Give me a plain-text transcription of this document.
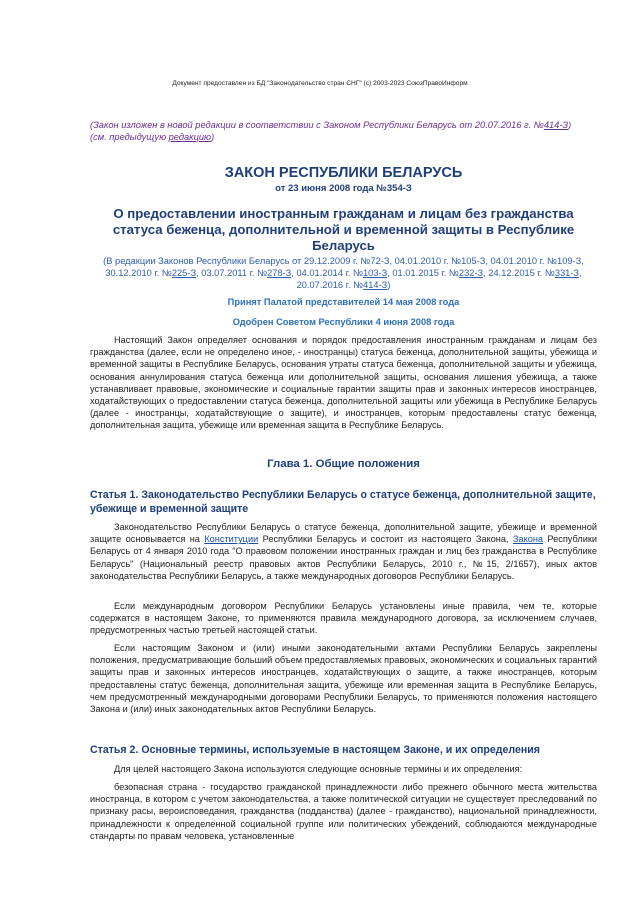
Документ предоставлен из БД "Законодательство стран СНГ" (с) 2003-2023 СоюзПравоИнформ
(Закон изложен в новой редакции в соответствии с Законом Республики Беларусь от 20.07.2016 г. №414-З)
(см. предыдущую редакцию)
ЗАКОН РЕСПУБЛИКИ БЕЛАРУСЬ
от 23 июня 2008 года №354-З
О предоставлении иностранным гражданам и лицам без гражданства статуса беженца, дополнительной и временной защиты в Республике Беларусь
(В редакции Законов Республики Беларусь от 29.12.2009 г. №72-З, 04.01.2010 г. №105-З, 04.01.2010 г. №109-З, 30.12.2010 г. №225-З, 03.07.2011 г. №278-З, 04.01.2014 г. №103-З, 01.01.2015 г. №232-З, 24.12.2015 г. №331-З, 20.07.2016 г. №414-З)
Принят Палатой представителей 14 мая 2008 года
Одобрен Советом Республики 4 июня 2008 года

Настоящий Закон определяет основания и порядок предоставления иностранным гражданам и лицам без гражданства (далее, если не определено иное, - иностранцы) статуса беженца, дополнительной защиты, убежища и временной защиты в Республике Беларусь, основания утраты статуса беженца, дополнительной защиты и убежища, основания аннулирования статуса беженца или дополнительной защиты, основания лишения убежища, а также устанавливает правовые, экономические и социальные гарантии защиты прав и законных интересов иностранцев, ходатайствующих о предоставлении статуса беженца, дополнительной защиты или убежища в Республике Беларусь (далее - иностранцы, ходатайствующие о защите), и иностранцев, которым предоставлены статус беженца, дополнительная защита, убежище или временная защита в Республике Беларусь.

Глава 1. Общие положения

Статья 1. Законодательство Республики Беларусь о статусе беженца, дополнительной защите, убежище и временной защите

Законодательство Республики Беларусь о статусе беженца, дополнительной защите, убежище и временной защите основывается на Конституции Республики Беларусь и состоит из настоящего Закона, Закона Республики Беларусь от 4 января 2010 года "О правовом положении иностранных граждан и лиц без гражданства в Республике Беларусь" (Национальный реестр правовых актов Республики Беларусь, 2010 г., №15, 2/1657), иных актов законодательства Республики Беларусь, а также международных договоров Республики Беларусь.

Если международным договором Республики Беларусь установлены иные правила, чем те, которые содержатся в настоящем Законе, то применяются правила международного договора, за исключением случаев, предусмотренных частью третьей настоящей статьи.

Если настоящим Законом и (или) иными законодательными актами Республики Беларусь закреплены положения, предусматривающие больший объем предоставляемых правовых, экономических и социальных гарантий защиты прав и законных интересов иностранцев, ходатайствующих о защите, а также иностранцев, которым предоставлены статус беженца, дополнительная защита, убежище или временная защита в Республике Беларусь, чем предусмотренный международными договорами Республики Беларусь, то применяются положения настоящего Закона и (или) иных законодательных актов Республики Беларусь.

Статья 2. Основные термины, используемые в настоящем Законе, и их определения

Для целей настоящего Закона используются следующие основные термины и их определения:

безопасная страна - государство гражданской принадлежности либо прежнего обычного места жительства иностранца, в котором с учетом законодательства, а также политической ситуации не существует преследований по признаку расы, вероисповедания, гражданства (подданства) (далее - гражданство), национальной принадлежности, принадлежности к определенной социальной группе или политических убеждений, соблюдаются международные стандарты по правам человека, установленные
